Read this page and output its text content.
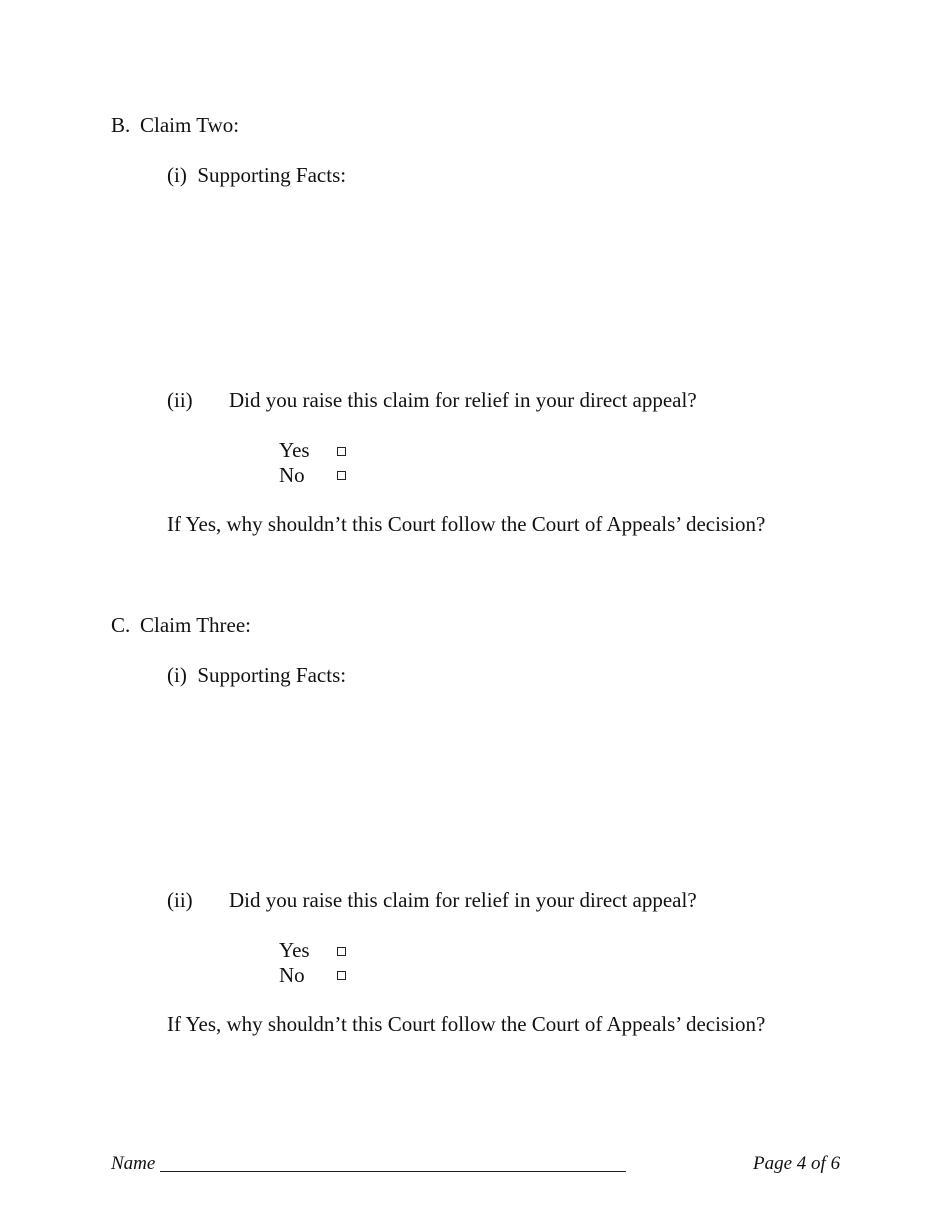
B. Claim Two:
(i)  Supporting Facts:
(ii) Did you raise this claim for relief in your direct appeal?
Yes
No
If Yes, why shouldn’t this Court follow the Court of Appeals’ decision?
C. Claim Three:
(i)  Supporting Facts:
(ii) Did you raise this claim for relief in your direct appeal?
Yes
No
If Yes, why shouldn’t this Court follow the Court of Appeals’ decision?
Name	Page 4 of 6
